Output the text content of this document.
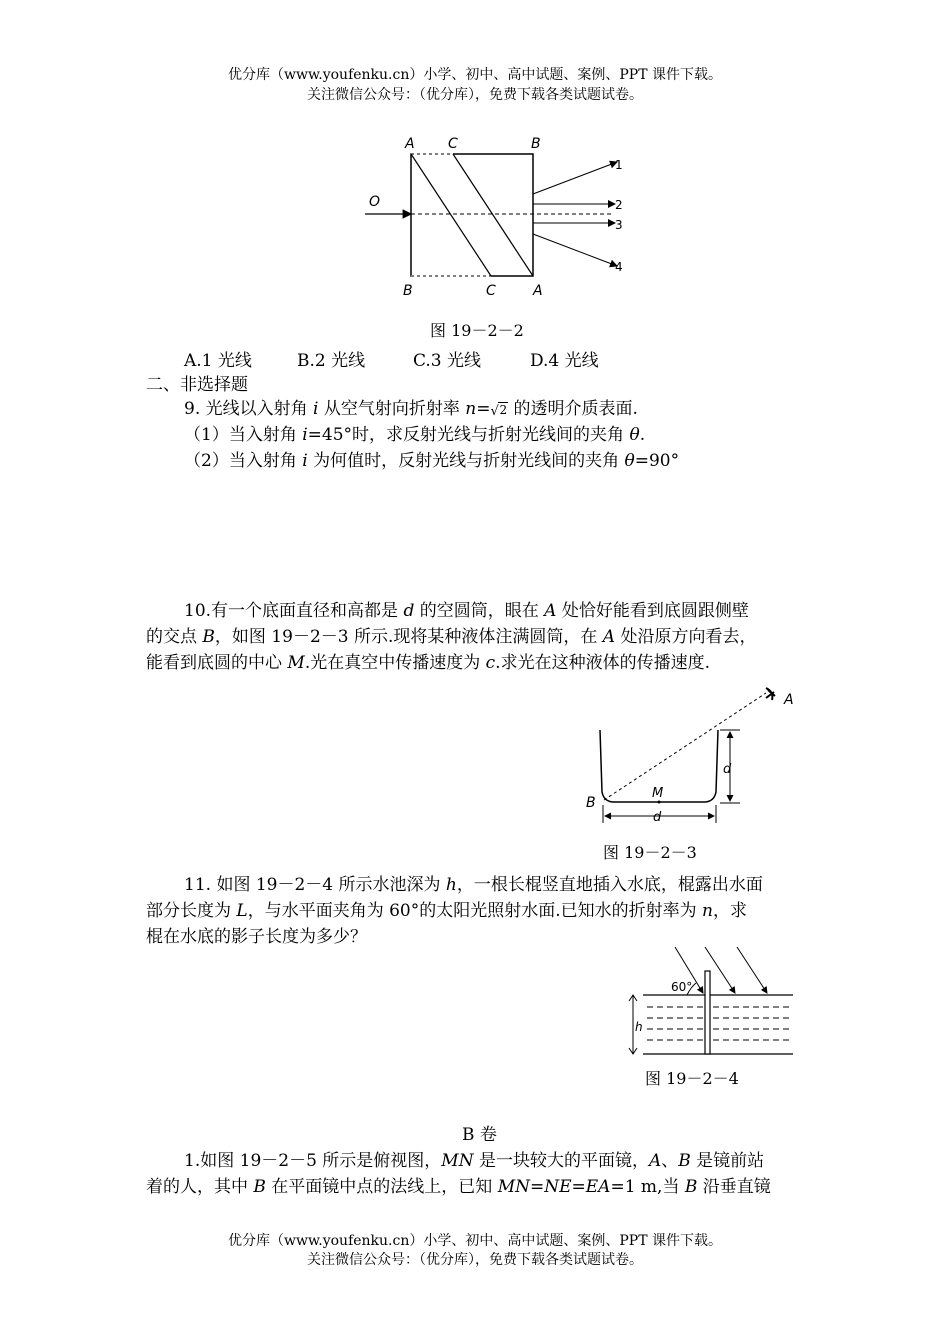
优分库（www.youfenku.cn）小学、初中、高中试题、案例、PPT 课件下载。
关注微信公众号：（优分库），免费下载各类试题试卷。
A C	B
O
B	C	A
1
2
3
4
图 19－2－2
A.1 光线	B.2 光线	C.3 光线	D.4 光线
二、非选择题
9. 光线以入射角 i 从空气射向折射率 n= √ 2 的透明介质表面.
（1）当入射角 i=45°时，求反射光线与折射光线间的夹角 θ.
（2）当入射角 i 为何值时，反射光线与折射光线间的夹角 θ=90°
10.有一个底面直径和高都是 d 的空圆筒，眼在 A 处恰好能看到底圆跟侧壁
的交点 B，如图 19－2－3 所示.现将某种液体注满圆筒，在 A 处沿原方向看去，
能看到底圆的中心 M.光在真空中传播速度为 c.求光在这种液体的传播速度.
A
B
M
d
d
图 19－2－3
11. 如图 19－2－4 所示水池深为 h，一根长棍竖直地插入水底，棍露出水面
部分长度为 L，与水平面夹角为 60°的太阳光照射水面.已知水的折射率为 n，求
棍在水底的影子长度为多少？
60°
h
图 19－2－4
B 卷
1.如图 19－2－5 所示是俯视图，MN 是一块较大的平面镜，A、B 是镜前站
着的人，其中 B 在平面镜中点的法线上，已知 MN=NE=EA=1 m,当 B 沿垂直镜
优分库（www.youfenku.cn）小学、初中、高中试题、案例、PPT 课件下载。
关注微信公众号：（优分库），免费下载各类试题试卷。
